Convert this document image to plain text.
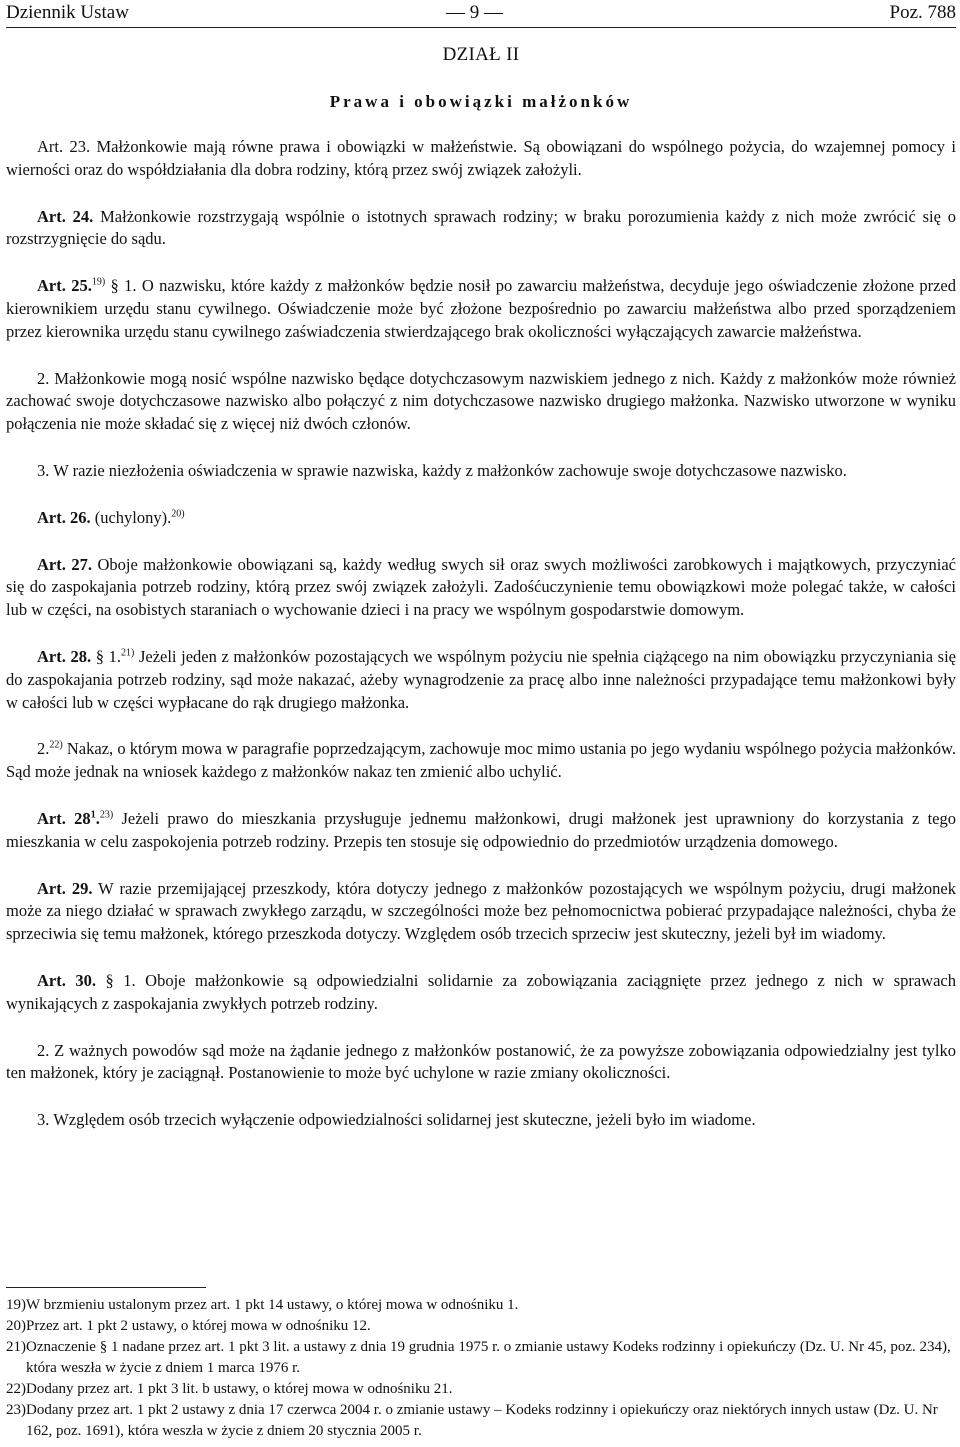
Dziennik Ustaw	— 9 —	Poz. 788
DZIAŁ II
Prawa i obowiązki małżonków

Art. 23. Małżonkowie mają równe prawa i obowiązki w małżeństwie. Są obowiązani do wspólnego pożycia, do wzajemnej pomocy i wierności oraz do współdziałania dla dobra rodziny, którą przez swój związek założyli.

Art. 24. Małżonkowie rozstrzygają wspólnie o istotnych sprawach rodziny; w braku porozumienia każdy z nich może zwrócić się o rozstrzygnięcie do sądu.

Art. 25.$^{19)}$ § 1. O nazwisku, które każdy z małżonków będzie nosił po zawarciu małżeństwa, decyduje jego oświadczenie złożone przed kierownikiem urzędu stanu cywilnego. Oświadczenie może być złożone bezpośrednio po zawarciu małżeństwa albo przed sporządzeniem przez kierownika urzędu stanu cywilnego zaświadczenia stwierdzającego brak okoliczności wyłączających zawarcie małżeństwa.

2. Małżonkowie mogą nosić wspólne nazwisko będące dotychczasowym nazwiskiem jednego z nich. Każdy z małżonków może również zachować swoje dotychczasowe nazwisko albo połączyć z nim dotychczasowe nazwisko drugiego małżonka. Nazwisko utworzone w wyniku połączenia nie może składać się z więcej niż dwóch członów.

3. W razie niezłożenia oświadczenia w sprawie nazwiska, każdy z małżonków zachowuje swoje dotychczasowe nazwisko.

Art. 26. (uchylony).$^{20)}$

Art. 27. Oboje małżonkowie obowiązani są, każdy według swych sił oraz swych możliwości zarobkowych i majątkowych, przyczyniać się do zaspokajania potrzeb rodziny, którą przez swój związek założyli. Zadośćuczynienie temu obowiązkowi może polegać także, w całości lub w części, na osobistych staraniach o wychowanie dzieci i na pracy we wspólnym gospodarstwie domowym.

Art. 28. § 1.$^{21)}$ Jeżeli jeden z małżonków pozostających we wspólnym pożyciu nie spełnia ciążącego na nim obowiązku przyczyniania się do zaspokajania potrzeb rodziny, sąd może nakazać, ażeby wynagrodzenie za pracę albo inne należności przypadające temu małżonkowi były w całości lub w części wypłacane do rąk drugiego małżonka.

2.$^{22)}$ Nakaz, o którym mowa w paragrafie poprzedzającym, zachowuje moc mimo ustania po jego wydaniu wspólnego pożycia małżonków. Sąd może jednak na wniosek każdego z małżonków nakaz ten zmienić albo uchylić.

Art. $28^1.^{23)}$ Jeżeli prawo do mieszkania przysługuje jednemu małżonkowi, drugi małżonek jest uprawniony do korzystania z tego mieszkania w celu zaspokojenia potrzeb rodziny. Przepis ten stosuje się odpowiednio do przedmiotów urządzenia domowego.

Art. 29. W razie przemijającej przeszkody, która dotyczy jednego z małżonków pozostających we wspólnym pożyciu, drugi małżonek może za niego działać w sprawach zwykłego zarządu, w szczególności może bez pełnomocnictwa pobierać przypadające należności, chyba że sprzeciwia się temu małżonek, którego przeszkoda dotyczy. Względem osób trzecich sprzeciw jest skuteczny, jeżeli był im wiadomy.

Art. 30. § 1. Oboje małżonkowie są odpowiedzialni solidarnie za zobowiązania zaciągnięte przez jednego z nich w sprawach wynikających z zaspokajania zwykłych potrzeb rodziny.

2. Z ważnych powodów sąd może na żądanie jednego z małżonków postanowić, że za powyższe zobowiązania odpowiedzialny jest tylko ten małżonek, który je zaciągnął. Postanowienie to może być uchylone w razie zmiany okoliczności.

3. Względem osób trzecich wyłączenie odpowiedzialności solidarnej jest skuteczne, jeżeli było im wiadome.

19) W brzmieniu ustalonym przez art. 1 pkt 14 ustawy, o której mowa w odnośniku 1.
20) Przez art. 1 pkt 2 ustawy, o której mowa w odnośniku 12.
21) Oznaczenie § 1 nadane przez art. 1 pkt 3 lit. a ustawy z dnia 19 grudnia 1975 r. o zmianie ustawy Kodeks rodzinny i opiekuńczy (Dz. U. Nr 45, poz. 234), która weszła w życie z dniem 1 marca 1976 r.
22) Dodany przez art. 1 pkt 3 lit. b ustawy, o której mowa w odnośniku 21.
23) Dodany przez art. 1 pkt 2 ustawy z dnia 17 czerwca 2004 r. o zmianie ustawy – Kodeks rodzinny i opiekuńczy oraz niektórych innych ustaw (Dz. U. Nr 162, poz. 1691), która weszła w życie z dniem 20 stycznia 2005 r.
